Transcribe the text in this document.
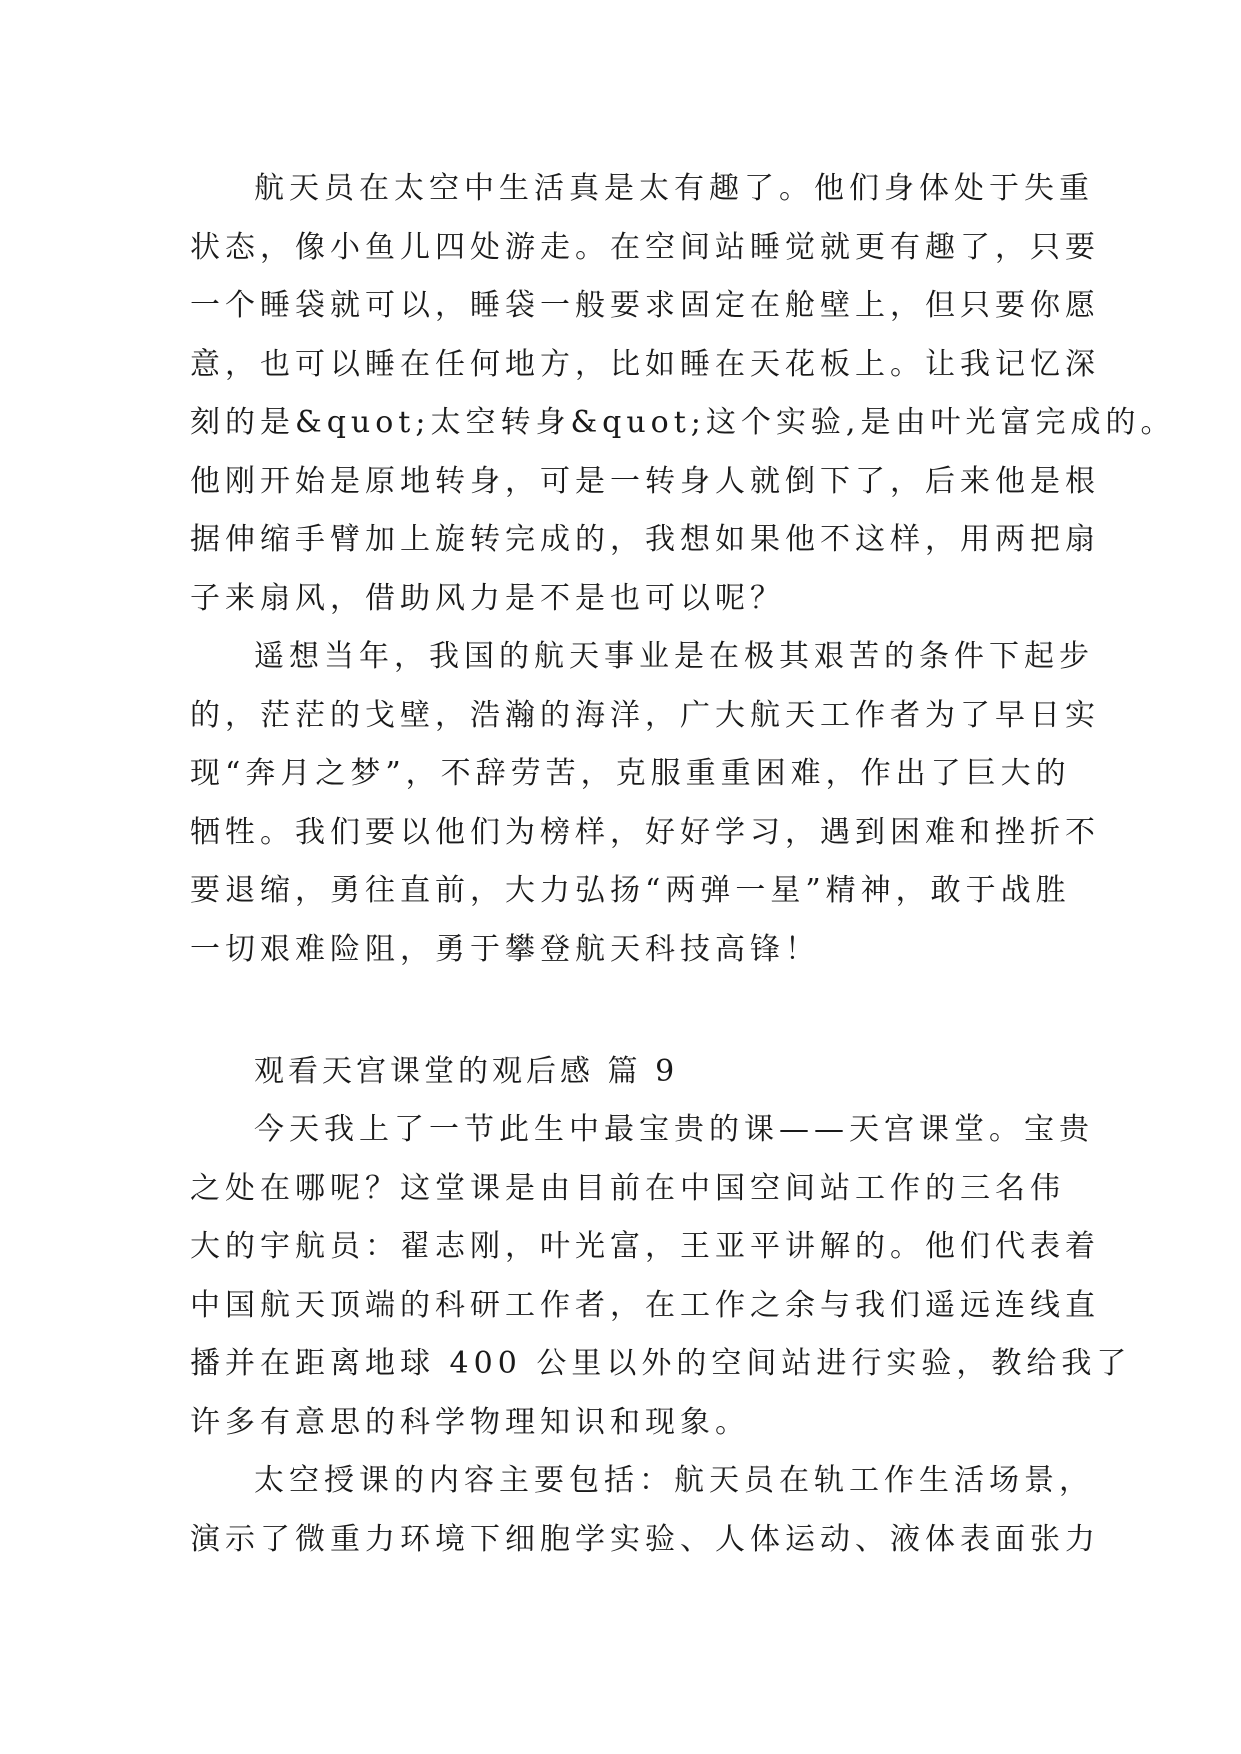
航天员在太空中生活真是太有趣了。他们身体处于失重
状态，像小鱼儿四处游走。在空间站睡觉就更有趣了，只要
一个睡袋就可以，睡袋一般要求固定在舱壁上，但只要你愿
意，也可以睡在任何地方，比如睡在天花板上。让我记忆深
刻的是&quot;太空转身&quot;这个实验,是由叶光富完成的。
他刚开始是原地转身，可是一转身人就倒下了，后来他是根
据伸缩手臂加上旋转完成的，我想如果他不这样，用两把扇
子来扇风，借助风力是不是也可以呢？
遥想当年，我国的航天事业是在极其艰苦的条件下起步
的，茫茫的戈壁，浩瀚的海洋，广大航天工作者为了早日实
现“奔月之梦”，不辞劳苦，克服重重困难，作出了巨大的
牺牲。我们要以他们为榜样，好好学习，遇到困难和挫折不
要退缩，勇往直前，大力弘扬“两弹一星”精神，敢于战胜
一切艰难险阻，勇于攀登航天科技高锋！
观看天宫课堂的观后感 篇 9
今天我上了一节此生中最宝贵的课——天宫课堂。宝贵
之处在哪呢？这堂课是由目前在中国空间站工作的三名伟
大的宇航员：翟志刚，叶光富，王亚平讲解的。他们代表着
中国航天顶端的科研工作者，在工作之余与我们遥远连线直
播并在距离地球 400 公里以外的空间站进行实验，教给我了
许多有意思的科学物理知识和现象。
太空授课的内容主要包括：航天员在轨工作生活场景，
演示了微重力环境下细胞学实验、人体运动、液体表面张力
